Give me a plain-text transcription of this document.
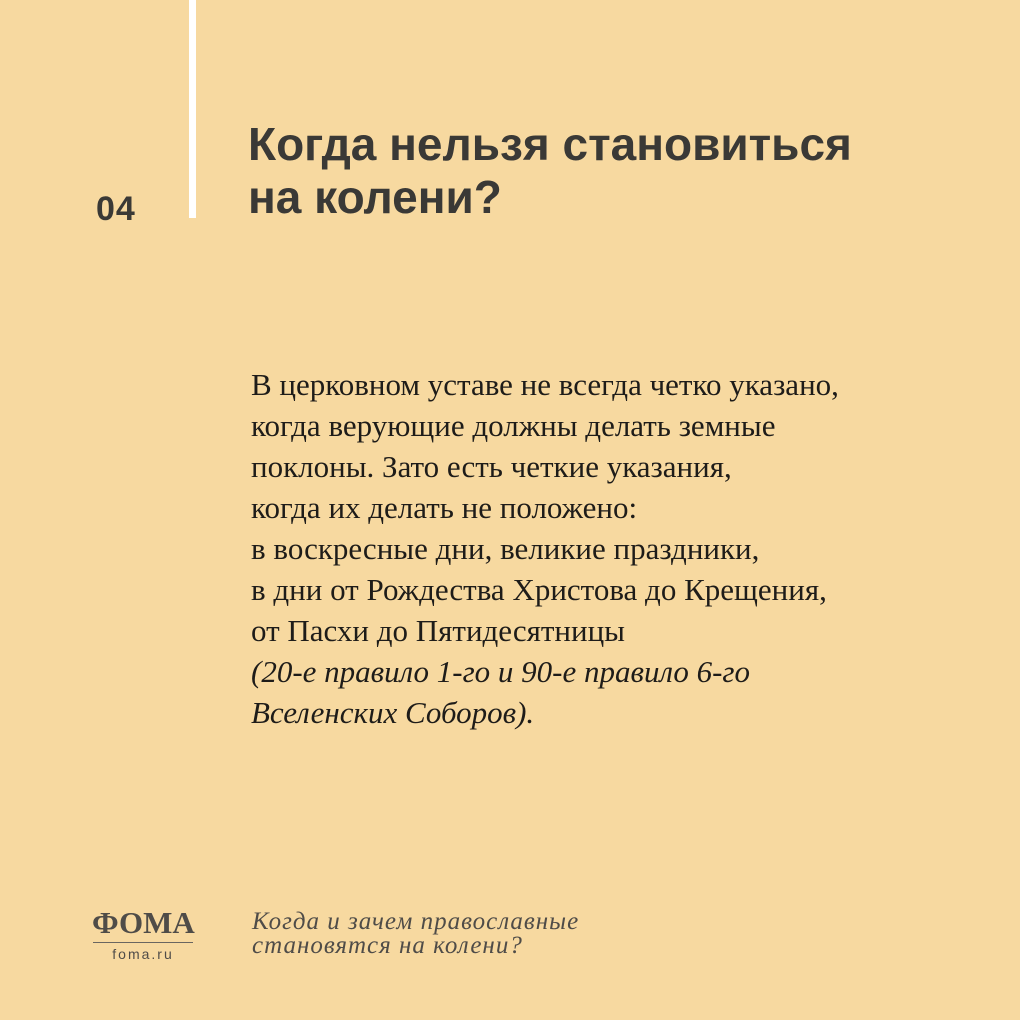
04
Когда нельзя становиться
на колени?
В церковном уставе не всегда четко указано,
когда верующие должны делать земные
поклоны. Зато есть четкие указания,
когда их делать не положено:
в воскресные дни, великие праздники,
в дни от Рождества Христова до Крещения,
от Пасхи до Пятидесятницы
(20-е правило 1-го и 90-е правило 6-го
Вселенских Соборов).
ФОМА
foma.ru
Когда и зачем православные
становятся на колени?
